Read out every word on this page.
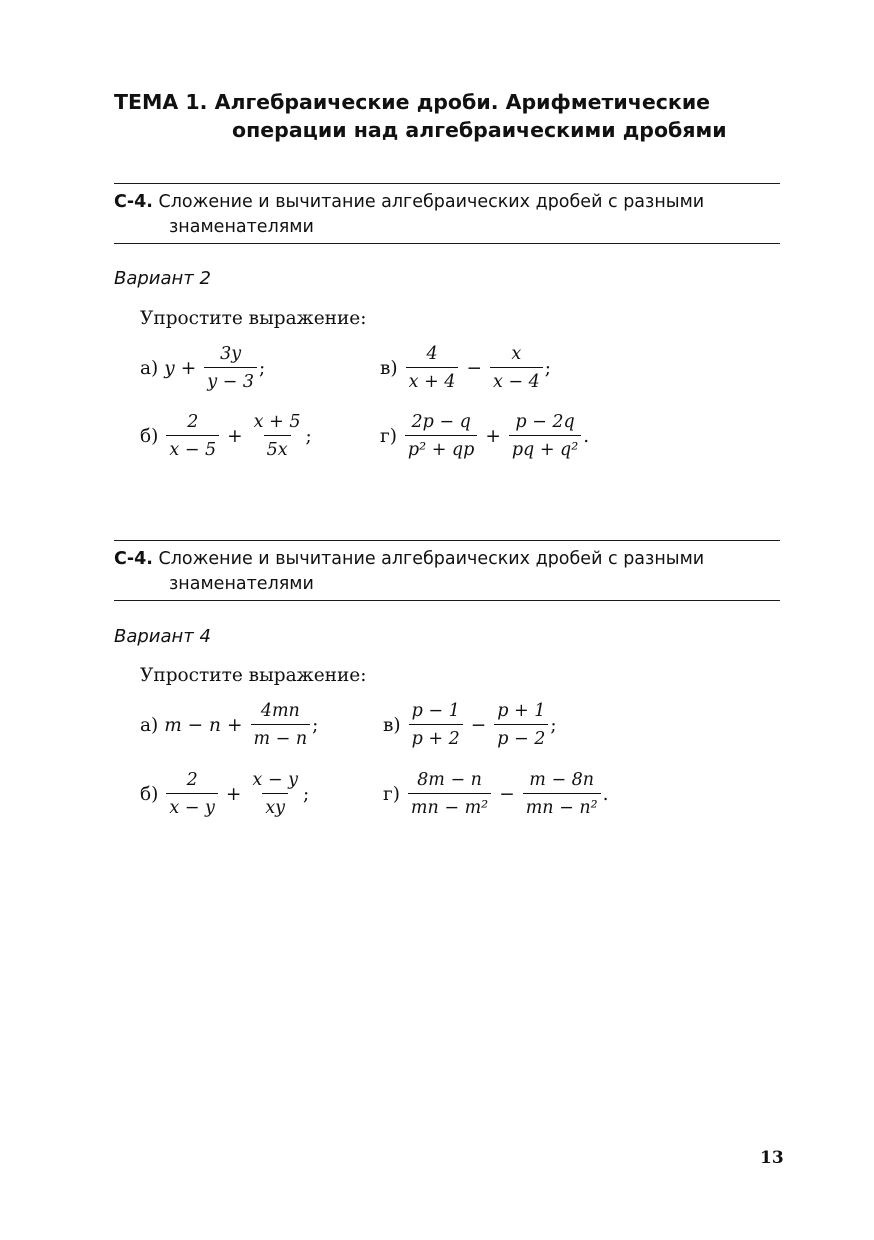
ТЕМА 1. Алгебраические дроби. Арифметические
операции над алгебраическими дробями
С-4. Сложение и вычитание алгебраических дробей с разными
знаменателями
Вариант 2
Упростите выражение:
а) $y + \frac{3y}{y - 3}$ ;	$в) \frac{4}{x + 4} - \frac{x}{x - 4}$ ;
$б) \frac{2}{x - 5} + \frac{x + 5}{5x}$ ;	$г) \frac{2p - q}{\text{p² + qp}} + \frac{p - 2q}{\text{pq + q²}}$ .
С-4. Сложение и вычитание алгебраических дробей с разными
знаменателями
Вариант 4
Упростите выражение:
а) $m - n + \frac{4mn}{m - n}$ ;	$в) \frac{p - 1}{p + 2} - \frac{p + 1}{p - 2}$ ;
$б) \frac{2}{x - y} + \frac{x - y}{xy}$ ;	$г) \frac{8m - n}{\text{mn − m²}} - \frac{m - 8n}{\text{mn − n²}}$ .
13
